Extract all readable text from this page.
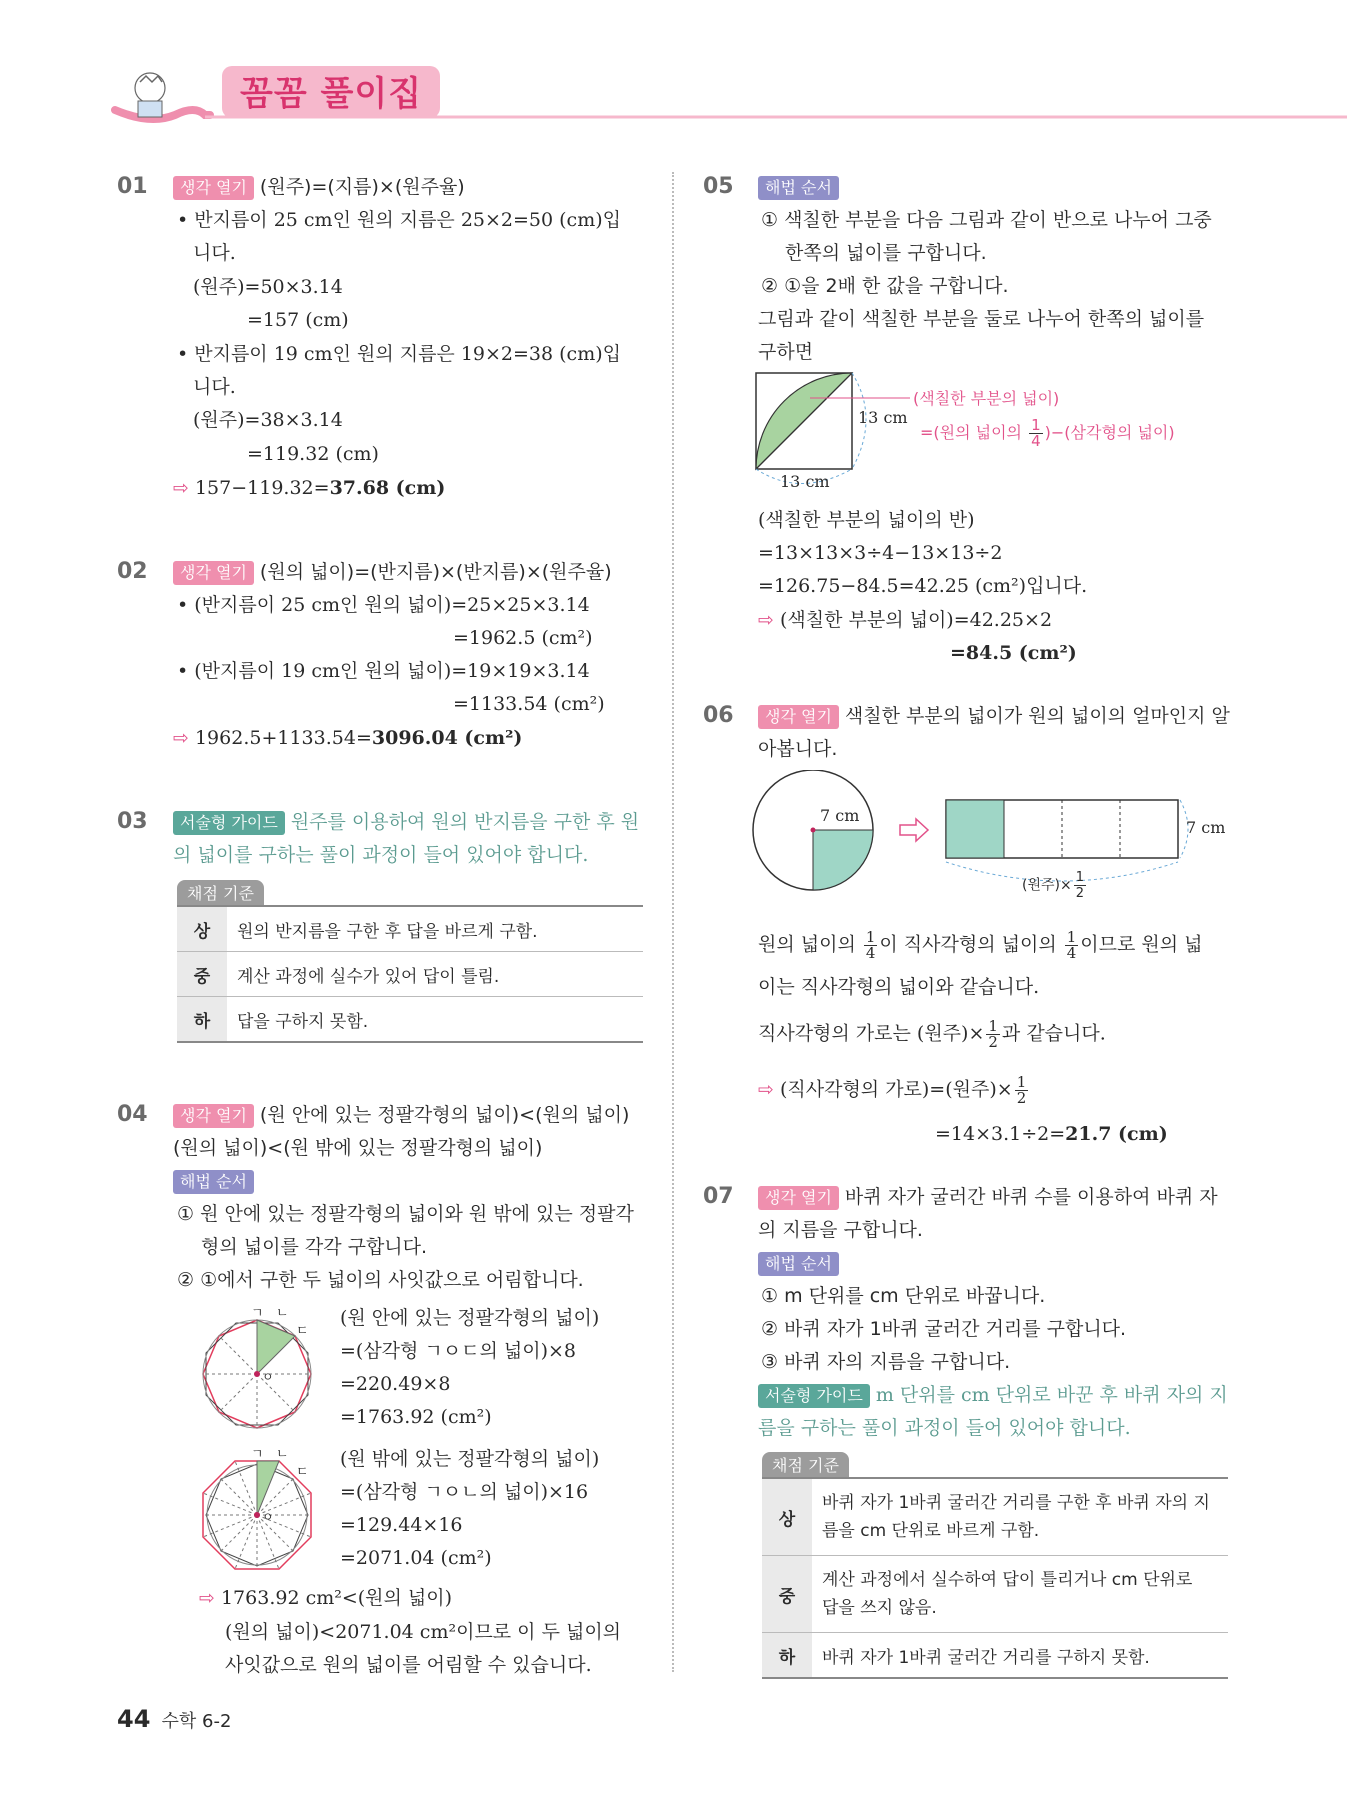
꼼꼼 풀이집
01	생각 열기 (원주)=(지름)×(원주율)
• 반지름이 25 cm인 원의 지름은 25×2=50 (cm)입
니다.
(원주)=50×3.14
=157 (cm)
• 반지름이 19 cm인 원의 지름은 19×2=38 (cm)입
니다.
(원주)=38×3.14
=119.32 (cm)
⇨ 157−119.32=37.68 (cm)
02	생각 열기 (원의 넓이)=(반지름)×(반지름)×(원주율)
• (반지름이 25 cm인 원의 넓이)=25×25×3.14
=1962.5 (cm²)
• (반지름이 19 cm인 원의 넓이)=19×19×3.14
=1133.54 (cm²)
⇨ 1962.5+1133.54=3096.04 (cm²)
03	서술형 가이드 원주를 이용하여 원의 반지름을 구한 후 원
의 넓이를 구하는 풀이 과정이 들어 있어야 합니다.
채점 기준
상	원의 반지름을 구한 후 답을 바르게 구함.
중	계산 과정에 실수가 있어 답이 틀림.
하	답을 구하지 못함.
04	생각 열기 (원 안에 있는 정팔각형의 넓이)<(원의 넓이)
(원의 넓이)<(원 밖에 있는 정팔각형의 넓이)
해법 순서
① 원 안에 있는 정팔각형의 넓이와 원 밖에 있는 정팔각
형의 넓이를 각각 구합니다.
② ①에서 구한 두 넓이의 사잇값으로 어림합니다.
ㄱ ㄴ
ㄷ
ㅇ
(원 안에 있는 정팔각형의 넓이)
=(삼각형 ㄱㅇㄷ의 넓이)×8
=220.49×8
=1763.92 (cm²)
ㄱ ㄴ
ㄷ
ㅇ
(원 밖에 있는 정팔각형의 넓이)
=(삼각형 ㄱㅇㄴ의 넓이)×16
=129.44×16
=2071.04 (cm²)
⇨ 1763.92 cm²<(원의 넓이)
(원의 넓이)<2071.04 cm²이므로 이 두 넓이의
사잇값으로 원의 넓이를 어림할 수 있습니다.
05	해법 순서
① 색칠한 부분을 다음 그림과 같이 반으로 나누어 그중
한쪽의 넓이를 구합니다.
② ①을 2배 한 값을 구합니다.
그림과 같이 색칠한 부분을 둘로 나누어 한쪽의 넓이를
구하면
13 cm
13 cm
(색칠한 부분의 넓이)
=(원의 넓이의 $\frac{1}{4}$ )−(삼각형의 넓이)
(색칠한 부분의 넓이의 반)
=13×13×3÷4−13×13÷2
=126.75−84.5=42.25 (cm²)입니다.
⇨ (색칠한 부분의 넓이)=42.25×2
=84.5 (cm²)
06	생각 열기 색칠한 부분의 넓이가 원의 넓이의 얼마인지 알
아봅니다.
7 cm
7 cm
(원주)× $\frac{1}{2}$
원의 넓이의 $\frac{1}{4}$ 이 직사각형의 넓이의 $\frac{1}{4}$ 이므로 원의 넓
이는 직사각형의 넓이와 같습니다.
직사각형의 가로는 (원주)× $\frac{1}{2}$ 과 같습니다.
⇨ (직사각형의 가로)=(원주)× $\frac{1}{2}$
=14×3.1÷2=21.7 (cm)
07	생각 열기 바퀴 자가 굴러간 바퀴 수를 이용하여 바퀴 자
의 지름을 구합니다.
해법 순서
① m 단위를 cm 단위로 바꿉니다.
② 바퀴 자가 1바퀴 굴러간 거리를 구합니다.
③ 바퀴 자의 지름을 구합니다.
서술형 가이드 m 단위를 cm 단위로 바꾼 후 바퀴 자의 지
름을 구하는 풀이 과정이 들어 있어야 합니다.
채점 기준
상	바퀴 자가 1바퀴 굴러간 거리를 구한 후 바퀴 자의 지
름을 cm 단위로 바르게 구함.
중	계산 과정에서 실수하여 답이 틀리거나 cm 단위로
답을 쓰지 않음.
하	바퀴 자가 1바퀴 굴러간 거리를 구하지 못함.
44 수학 6-2
